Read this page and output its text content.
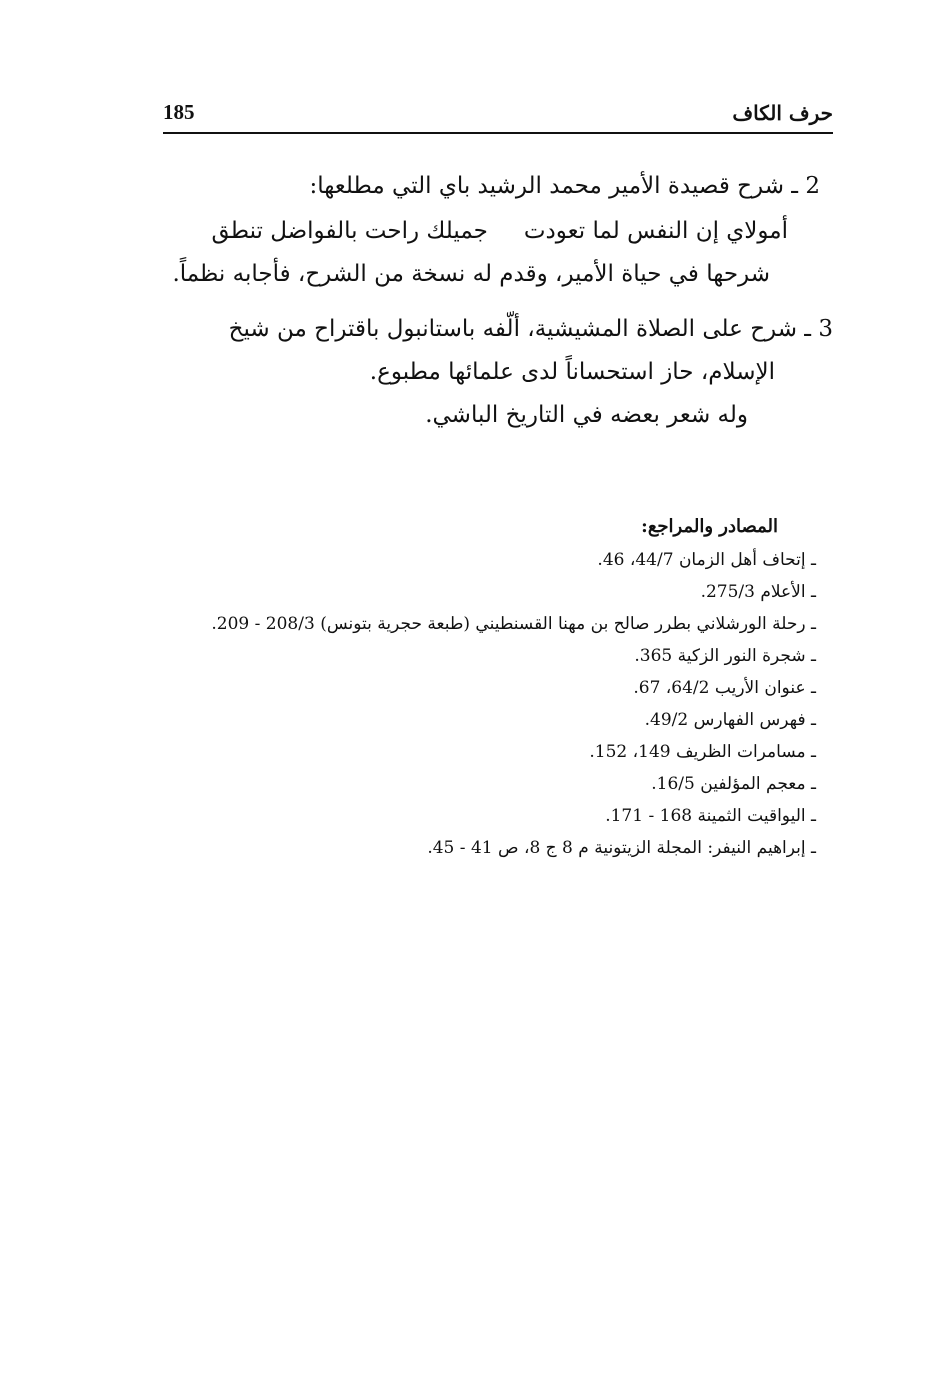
185	حرف الكاف
2 ـ شرح قصيدة الأمير محمد الرشيد باي التي مطلعها:
أمولاي إن النفس لما تعودتجميلك راحت بالفواضل تنطق
شرحها في حياة الأمير، وقدم له نسخة من الشرح، فأجابه نظماً.
3 ـ شرح على الصلاة المشيشية، ألّفه باستانبول باقتراح من شيخ
الإسلام، حاز استحساناً لدى علمائها مطبوع.
وله شعر بعضه في التاريخ الباشي.
المصادر والمراجع:
ـ إتحاف أهل الزمان 44/7، 46.
ـ الأعلام 275/3.
ـ رحلة الورشلاني بطرر صالح بن مهنا القسنطيني (طبعة حجرية بتونس) 208/3 - 209.
ـ شجرة النور الزكية 365.
ـ عنوان الأريب 64/2، 67.
ـ فهرس الفهارس 49/2.
ـ مسامرات الظريف 149، 152.
ـ معجم المؤلفين 16/5.
ـ اليواقيت الثمينة 168 - 171.
ـ إبراهيم النيفر: المجلة الزيتونية م 8 ج 8، ص 41 - 45.
